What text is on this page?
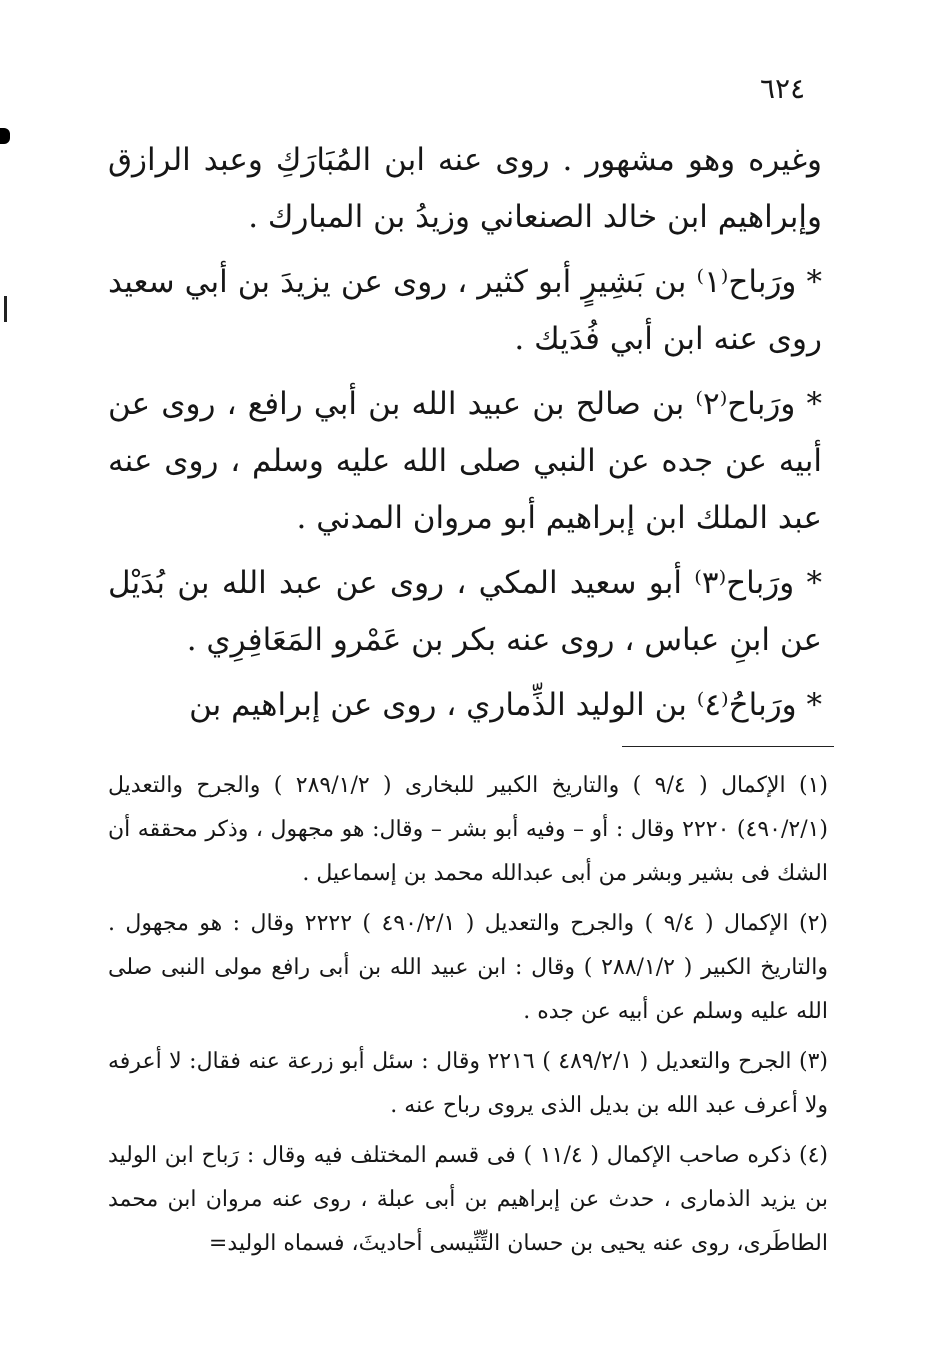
٦٢٤

وغيره وهو مشهور . روى عنه ابن المُبَارَكِ وعبد الرازق وإبراهيم ابن خالد الصنعاني وزيدُ بن المبارك .

* ورَباح⁽١⁾ بن بَشِيرٍ أبو كثير ، روى عن يزيدَ بن أبي سعيد روى عنه ابن أبي فُدَيك .

* ورَباح⁽٢⁾ بن صالح بن عبيد الله بن أبي رافع ، روى عن أبيه عن جده عن النبي صلى الله عليه وسلم ، روى عنه عبد الملك ابن إبراهيم أبو مروان المدني .

* ورَباح⁽٣⁾ أبو سعيد المكي ، روى عن عبد الله بن بُدَيْل عن ابنِ عباس ، روى عنه بكر بن عَمْرو المَعَافِرِي .

* ورَباحُ⁽٤⁾ بن الوليد الذِّماري ، روى عن إبراهيم بن

(١) الإكمال ( ٩/٤ ) والتاريخ الكبير للبخارى ( ٢٨٩/١/٢ ) والجرح والتعديل (٤٩٠/٢/١) ٢٢٢٠ وقال : أو – وفيه أبو بشر – وقال: هو مجهول ، وذكر محققه أن الشك فى بشير وبشر من أبى عبدالله محمد بن إسماعيل .

(٢) الإكمال ( ٩/٤ ) والجرح والتعديل ( ٤٩٠/٢/١ ) ٢٢٢٢ وقال : هو مجهول . والتاريخ الكبير ( ٢٨٨/١/٢ ) وقال : ابن عبيد الله بن أبى رافع مولى النبى صلى الله عليه وسلم عن أبيه عن جده .

(٣) الجرح والتعديل ( ٤٨٩/٢/١ ) ٢٢١٦ وقال : سئل أبو زرعة عنه فقال: لا أعرفه ولا أعرف عبد الله بن بديل الذى يروى رباح عنه .

(٤) ذكره صاحب الإكمال ( ١١/٤ ) فى قسم المختلف فيه وقال : رَباح ابن الوليد بن يزيد الذمارى ، حدث عن إبراهيم بن أبى عبلة ، روى عنه مروان ابن محمد الطاطَرى، روى عنه يحيى بن حسان التِّنِّيسى أحاديثَ، فسماه الوليد=
